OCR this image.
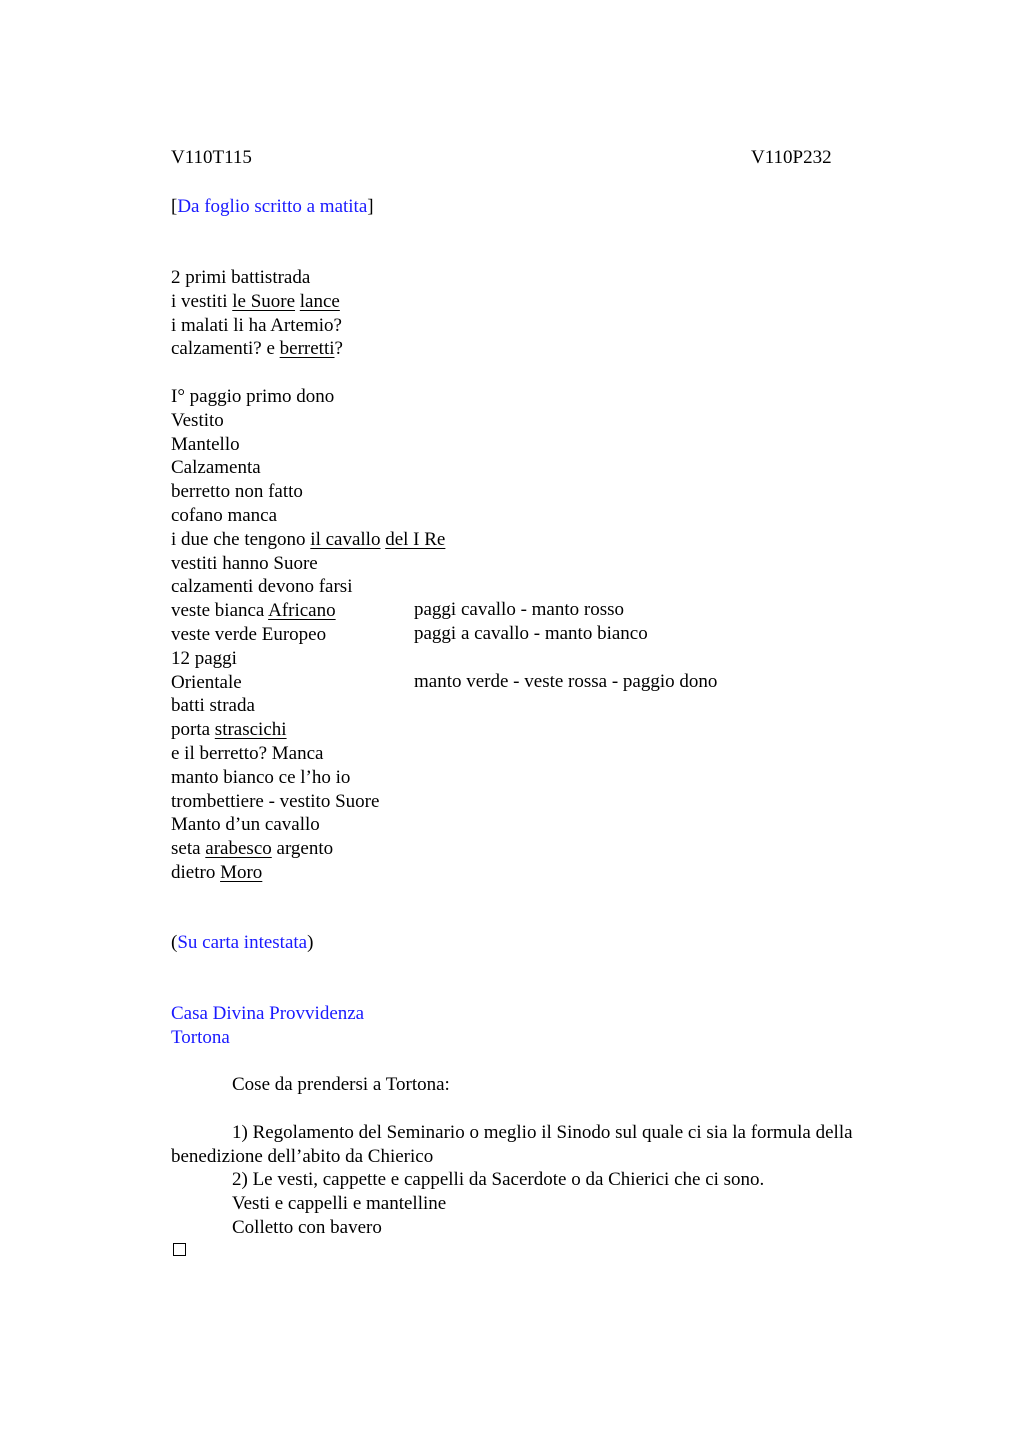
V110T115	V110P232
[Da foglio scritto a matita]
2 primi battistrada
i vestiti le Suore lance
i malati li ha Artemio?
calzamenti? e berretti?
I° paggio primo dono
Vestito
Mantello
Calzamenta
berretto non fatto
cofano manca
i due che tengono il cavallo del I Re
vestiti hanno Suore
calzamenti devono farsi
veste bianca Africano
veste verde Europeo
12 paggi
Orientale
batti strada
porta strascichi
e il berretto? Manca
manto bianco ce l’ho io
trombettiere - vestito Suore
Manto d’un cavallo
seta arabesco argento
dietro Moro
paggi cavallo - manto rosso
paggi a cavallo - manto bianco
manto verde - veste rossa - paggio dono
(Su carta intestata)
Casa Divina Provvidenza
Tortona
Cose da prendersi a Tortona:
1) Regolamento del Seminario o meglio il Sinodo sul quale ci sia la formula della
benedizione dell’abito da Chierico
2) Le vesti, cappette e cappelli da Sacerdote o da Chierici che ci sono.
Vesti e cappelli e mantelline
Colletto con bavero
